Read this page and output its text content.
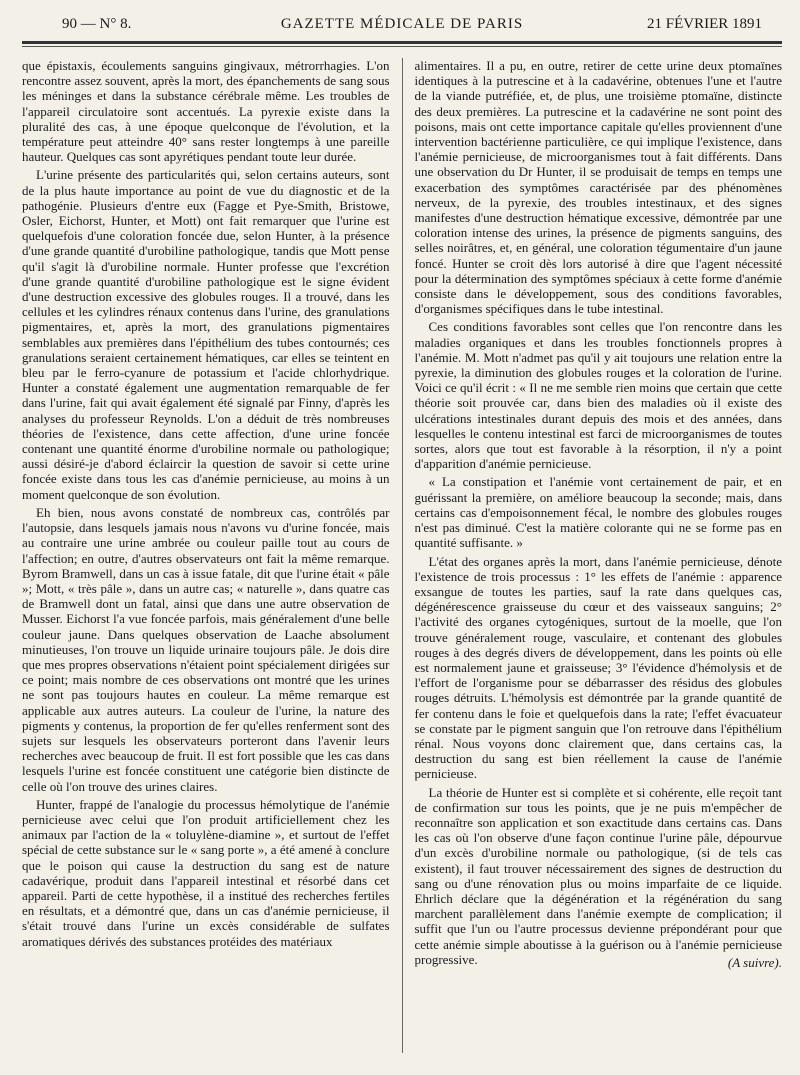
90 — N° 8.	GAZETTE MÉDICALE DE PARIS	21 FÉVRIER 1891

que épistaxis, écoulements sanguins gingivaux, métrorrhagies. L'on rencontre assez souvent, après la mort, des épanchements de sang sous les méninges et dans la substance cérébrale même. Les troubles de l'appareil circulatoire sont accentués. La pyrexie existe dans la pluralité des cas, à une époque quelconque de l'évolution, et la température peut atteindre 40° sans rester longtemps à une pareille hauteur. Quelques cas sont apyrétiques pendant toute leur durée.

L'urine présente des particularités qui, selon certains auteurs, sont de la plus haute importance au point de vue du diagnostic et de la pathogénie. Plusieurs d'entre eux (Fagge et Pye-Smith, Bristowe, Osler, Eichorst, Hunter, et Mott) ont fait remarquer que l'urine est quelquefois d'une coloration foncée due, selon Hunter, à la présence d'une grande quantité d'urobiline pathologique, tandis que Mott pense qu'il s'agit là d'urobiline normale. Hunter professe que l'excrétion d'une grande quantité d'urobiline pathologique est le signe évident d'une destruction excessive des globules rouges. Il a trouvé, dans les cellules et les cylindres rénaux contenus dans l'urine, des granulations pigmentaires, et, après la mort, des granulations pigmentaires semblables aux premières dans l'épithélium des tubes contournés; ces granulations seraient certainement hématiques, car elles se teintent en bleu par le ferro-cyanure de potassium et l'acide chlorhydrique. Hunter a constaté également une augmentation remarquable de fer dans l'urine, fait qui avait également été signalé par Finny, d'après les analyses du professeur Reynolds. L'on a déduit de très nombreuses théories de l'existence, dans cette affection, d'une urine foncée contenant une quantité énorme d'urobiline normale ou pathologique; aussi désiré-je d'abord éclaircir la question de savoir si cette urine foncée existe dans tous les cas d'anémie pernicieuse, au moins à un moment quelconque de son évolution.

Eh bien, nous avons constaté de nombreux cas, contrôlés par l'autopsie, dans lesquels jamais nous n'avons vu d'urine foncée, mais au contraire une urine ambrée ou couleur paille tout au cours de l'affection; en outre, d'autres observateurs ont fait la même remarque. Byrom Bramwell, dans un cas à issue fatale, dit que l'urine était « pâle »; Mott, « très pâle », dans un autre cas; « naturelle », dans quatre cas de Bramwell dont un fatal, ainsi que dans une autre observation de Musser. Eichorst l'a vue foncée parfois, mais généralement d'une belle couleur jaune. Dans quelques observation de Laache absolument minutieuses, l'on trouve un liquide urinaire toujours pâle. Je dois dire que mes propres observations n'étaient point spécialement dirigées sur ce point; mais nombre de ces observations ont montré que les urines ne sont pas toujours hautes en couleur. La même remarque est applicable aux autres auteurs. La couleur de l'urine, la nature des pigments y contenus, la proportion de fer qu'elles renferment sont des sujets sur lesquels les observateurs porteront dans l'avenir leurs recherches avec beaucoup de fruit. Il est fort possible que les cas dans lesquels l'urine est foncée constituent une catégorie bien distincte de celle où l'on trouve des urines claires.

Hunter, frappé de l'analogie du processus hémolytique de l'anémie pernicieuse avec celui que l'on produit artificiellement chez les animaux par l'action de la « toluylène-diamine », et surtout de l'effet spécial de cette substance sur le « sang porte », a été amené à conclure que le poison qui cause la destruction du sang est de nature cadavérique, produit dans l'appareil intestinal et résorbé dans cet appareil. Parti de cette hypothèse, il a institué des recherches fertiles en résultats, et a démontré que, dans un cas d'anémie pernicieuse, il s'était trouvé dans l'urine un excès considérable de sulfates aromatiques dérivés des substances protéides des matériaux

alimentaires. Il a pu, en outre, retirer de cette urine deux ptomaïnes identiques à la putrescine et à la cadavérine, obtenues l'une et l'autre de la viande putréfiée, et, de plus, une troisième ptomaïne, distincte des deux premières. La putrescine et la cadavérine ne sont point des poisons, mais ont cette importance capitale qu'elles proviennent d'une intervention bactérienne particulière, ce qui implique l'existence, dans l'anémie pernicieuse, de microorganismes tout à fait différents. Dans une observation du Dr Hunter, il se produisait de temps en temps une exacerbation des symptômes caractérisée par des phénomènes nerveux, de la pyrexie, des troubles intestinaux, et des signes manifestes d'une destruction hématique excessive, démontrée par une coloration intense des urines, la présence de pigments sanguins, des selles noirâtres, et, en général, une coloration tégumentaire d'un jaune foncé. Hunter se croit dès lors autorisé à dire que l'agent nécessité pour la détermination des symptômes spéciaux à cette forme d'anémie consiste dans le développement, sous des conditions favorables, d'organismes spécifiques dans le tube intestinal.

Ces conditions favorables sont celles que l'on rencontre dans les maladies organiques et dans les troubles fonctionnels propres à l'anémie. M. Mott n'admet pas qu'il y ait toujours une relation entre la pyrexie, la diminution des globules rouges et la coloration de l'urine. Voici ce qu'il écrit : « Il ne me semble rien moins que certain que cette théorie soit prouvée car, dans bien des maladies où il existe des ulcérations intestinales durant depuis des mois et des années, dans lesquelles le contenu intestinal est farci de microorganismes de toutes sortes, alors que tout est favorable à la résorption, il n'y a point d'apparition d'anémie pernicieuse.

« La constipation et l'anémie vont certainement de pair, et en guérissant la première, on améliore beaucoup la seconde; mais, dans certains cas d'empoisonnement fécal, le nombre des globules rouges n'est pas diminué. C'est la matière colorante qui ne se forme pas en quantité suffisante. »

L'état des organes après la mort, dans l'anémie pernicieuse, dénote l'existence de trois processus : 1° les effets de l'anémie : apparence exsangue de toutes les parties, sauf la rate dans quelques cas, dégénérescence graisseuse du cœur et des vaisseaux sanguins; 2° l'activité des organes cytogéniques, surtout de la moelle, que l'on trouve généralement rouge, vasculaire, et contenant des globules rouges à des degrés divers de développement, dans les points où elle est normalement jaune et graisseuse; 3° l'évidence d'hémolysis et de l'effort de l'organisme pour se débarrasser des résidus des globules rouges détruits. L'hémolysis est démontrée par la grande quantité de fer contenu dans le foie et quelquefois dans la rate; l'effet évacuateur se constate par le pigment sanguin que l'on retrouve dans l'épithélium rénal. Nous voyons donc clairement que, dans certains cas, la destruction du sang est bien réellement la cause de l'anémie pernicieuse.

La théorie de Hunter est si complète et si cohérente, elle reçoit tant de confirmation sur tous les points, que je ne puis m'empêcher de reconnaître son application et son exactitude dans certains cas. Dans les cas où l'on observe d'une façon continue l'urine pâle, dépourvue d'un excès d'urobiline normale ou pathologique, (si de tels cas existent), il faut trouver nécessairement des signes de destruction du sang ou d'une rénovation plus ou moins imparfaite de ce liquide. Ehrlich déclare que la dégénération et la régénération du sang marchent parallèlement dans l'anémie exempte de complication; il suffit que l'un ou l'autre processus devienne prépondérant pour que cette anémie simple aboutisse à la guérison ou à l'anémie pernicieuse progressive.	(A suivre).
